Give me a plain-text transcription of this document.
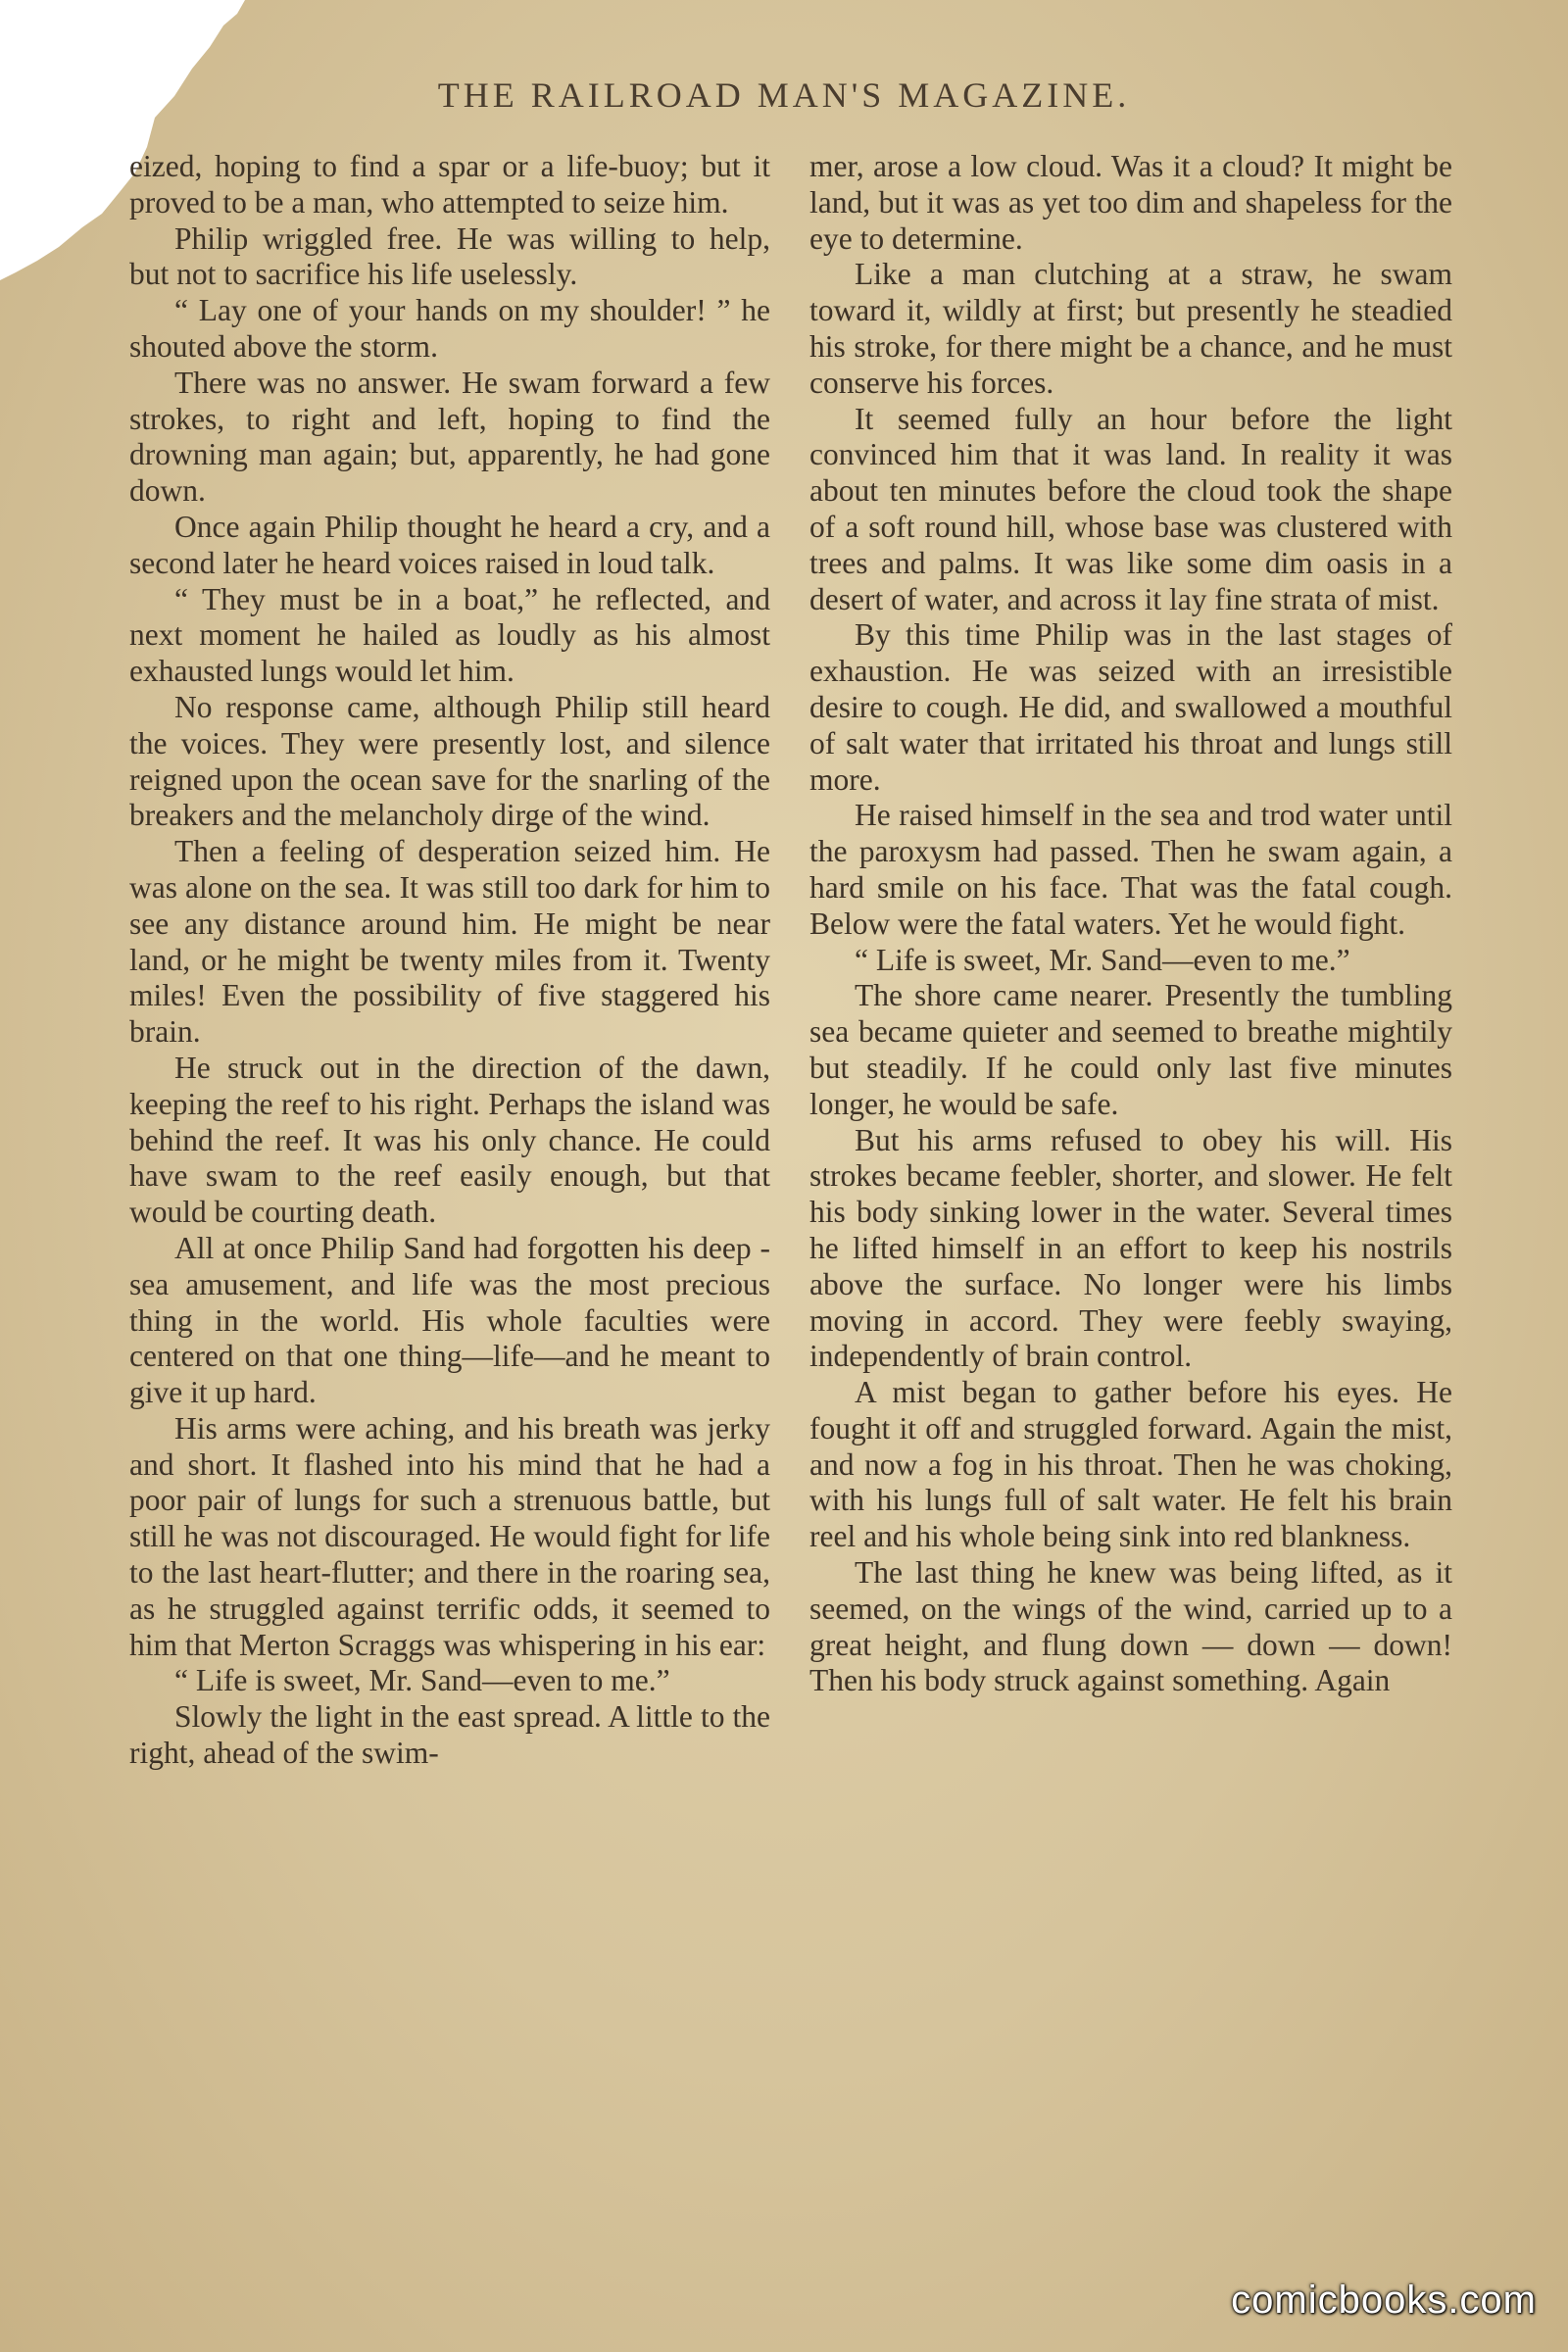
THE RAILROAD MAN'S MAGAZINE.

eized, hoping to find a spar or a life-buoy; but it proved to be a man, who attempted to seize him.

Philip wriggled free. He was willing to help, but not to sacrifice his life uselessly.

“ Lay one of your hands on my shoulder! ” he shouted above the storm.

There was no answer. He swam forward a few strokes, to right and left, hoping to find the drowning man again; but, apparently, he had gone down.

Once again Philip thought he heard a cry, and a second later he heard voices raised in loud talk.

“ They must be in a boat,” he reflected, and next moment he hailed as loudly as his almost exhausted lungs would let him.

No response came, although Philip still heard the voices. They were presently lost, and silence reigned upon the ocean save for the snarling of the breakers and the melancholy dirge of the wind.

Then a feeling of desperation seized him. He was alone on the sea. It was still too dark for him to see any distance around him. He might be near land, or he might be twenty miles from it. Twenty miles! Even the possibility of five staggered his brain.

He struck out in the direction of the dawn, keeping the reef to his right. Perhaps the island was behind the reef. It was his only chance. He could have swam to the reef easily enough, but that would be courting death.

All at once Philip Sand had forgotten his deep - sea amusement, and life was the most precious thing in the world. His whole faculties were centered on that one thing—life—and he meant to give it up hard.

His arms were aching, and his breath was jerky and short. It flashed into his mind that he had a poor pair of lungs for such a strenuous battle, but still he was not discouraged. He would fight for life to the last heart-flutter; and there in the roaring sea, as he struggled against terrific odds, it seemed to him that Merton Scraggs was whispering in his ear:

“ Life is sweet, Mr. Sand—even to me.”

Slowly the light in the east spread. A little to the right, ahead of the swim-

mer, arose a low cloud. Was it a cloud? It might be land, but it was as yet too dim and shapeless for the eye to determine.

Like a man clutching at a straw, he swam toward it, wildly at first; but presently he steadied his stroke, for there might be a chance, and he must conserve his forces.

It seemed fully an hour before the light convinced him that it was land. In reality it was about ten minutes before the cloud took the shape of a soft round hill, whose base was clustered with trees and palms. It was like some dim oasis in a desert of water, and across it lay fine strata of mist.

By this time Philip was in the last stages of exhaustion. He was seized with an irresistible desire to cough. He did, and swallowed a mouthful of salt water that irritated his throat and lungs still more.

He raised himself in the sea and trod water until the paroxysm had passed. Then he swam again, a hard smile on his face. That was the fatal cough. Below were the fatal waters. Yet he would fight.

“ Life is sweet, Mr. Sand—even to me.”

The shore came nearer. Presently the tumbling sea became quieter and seemed to breathe mightily but steadily. If he could only last five minutes longer, he would be safe.

But his arms refused to obey his will. His strokes became feebler, shorter, and slower. He felt his body sinking lower in the water. Several times he lifted himself in an effort to keep his nostrils above the surface. No longer were his limbs moving in accord. They were feebly swaying, independently of brain control.

A mist began to gather before his eyes. He fought it off and struggled forward. Again the mist, and now a fog in his throat. Then he was choking, with his lungs full of salt water. He felt his brain reel and his whole being sink into red blankness.

The last thing he knew was being lifted, as it seemed, on the wings of the wind, carried up to a great height, and flung down — down — down! Then his body struck against something. Again

comicbooks.com
